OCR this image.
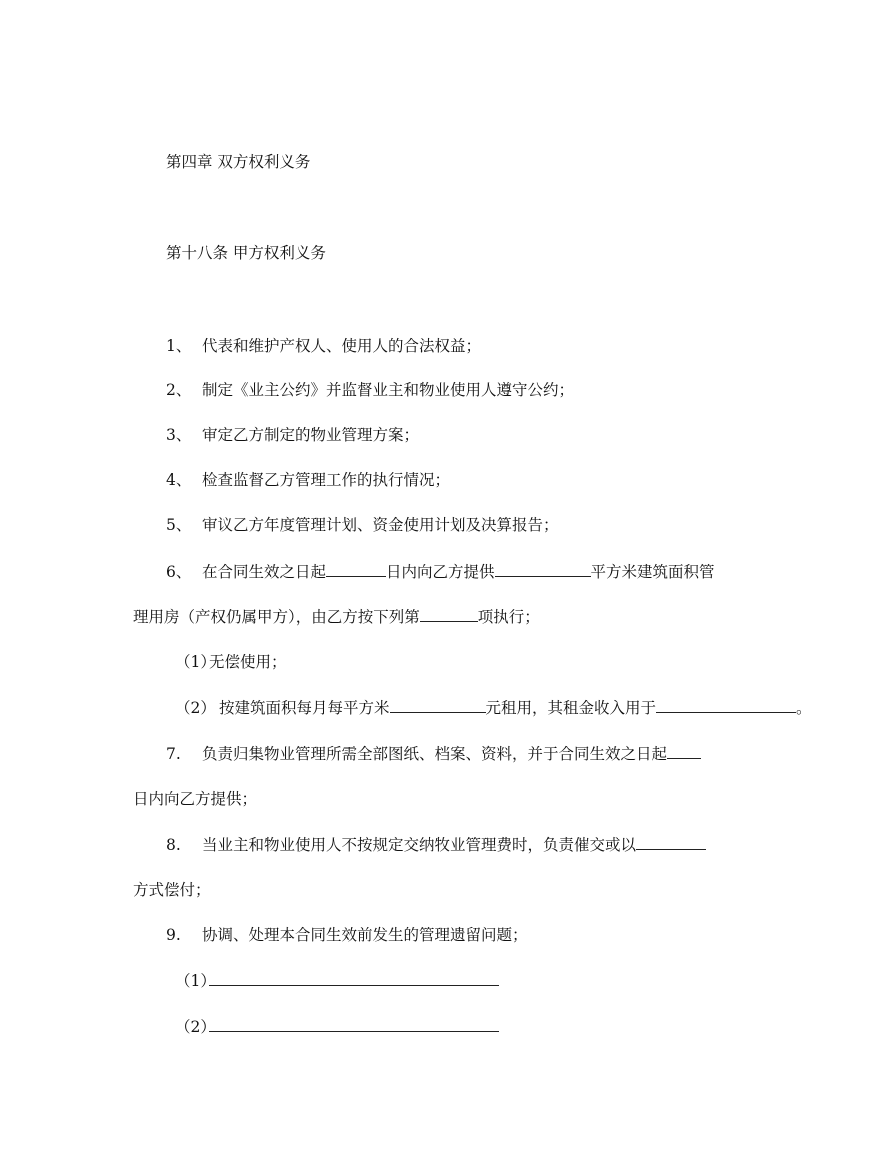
第四章 双方权利义务
第十八条 甲方权利义务
1、 代表和维护产权人、使用人的合法权益；
2、 制定《业主公约》并监督业主和物业使用人遵守公约；
3、 审定乙方制定的物业管理方案；
4、 检查监督乙方管理工作的执行情况；
5、 审议乙方年度管理计划、资金使用计划及决算报告；
6、 在合同生效之日起	日内向乙方提供	平方米建筑面积管
理用房（产权仍属甲方），由乙方按下列第	项执行；
（1）无偿使用；
（2） 按建筑面积每月每平方米	元租用，其租金收入用于	。
7. 负责归集物业管理所需全部图纸、档案、资料，并于合同生效之日起
日内向乙方提供；
8. 当业主和物业使用人不按规定交纳牧业管理费时，负责催交或以
方式偿付；
9. 协调、处理本合同生效前发生的管理遗留问题；
（1）
（2）
